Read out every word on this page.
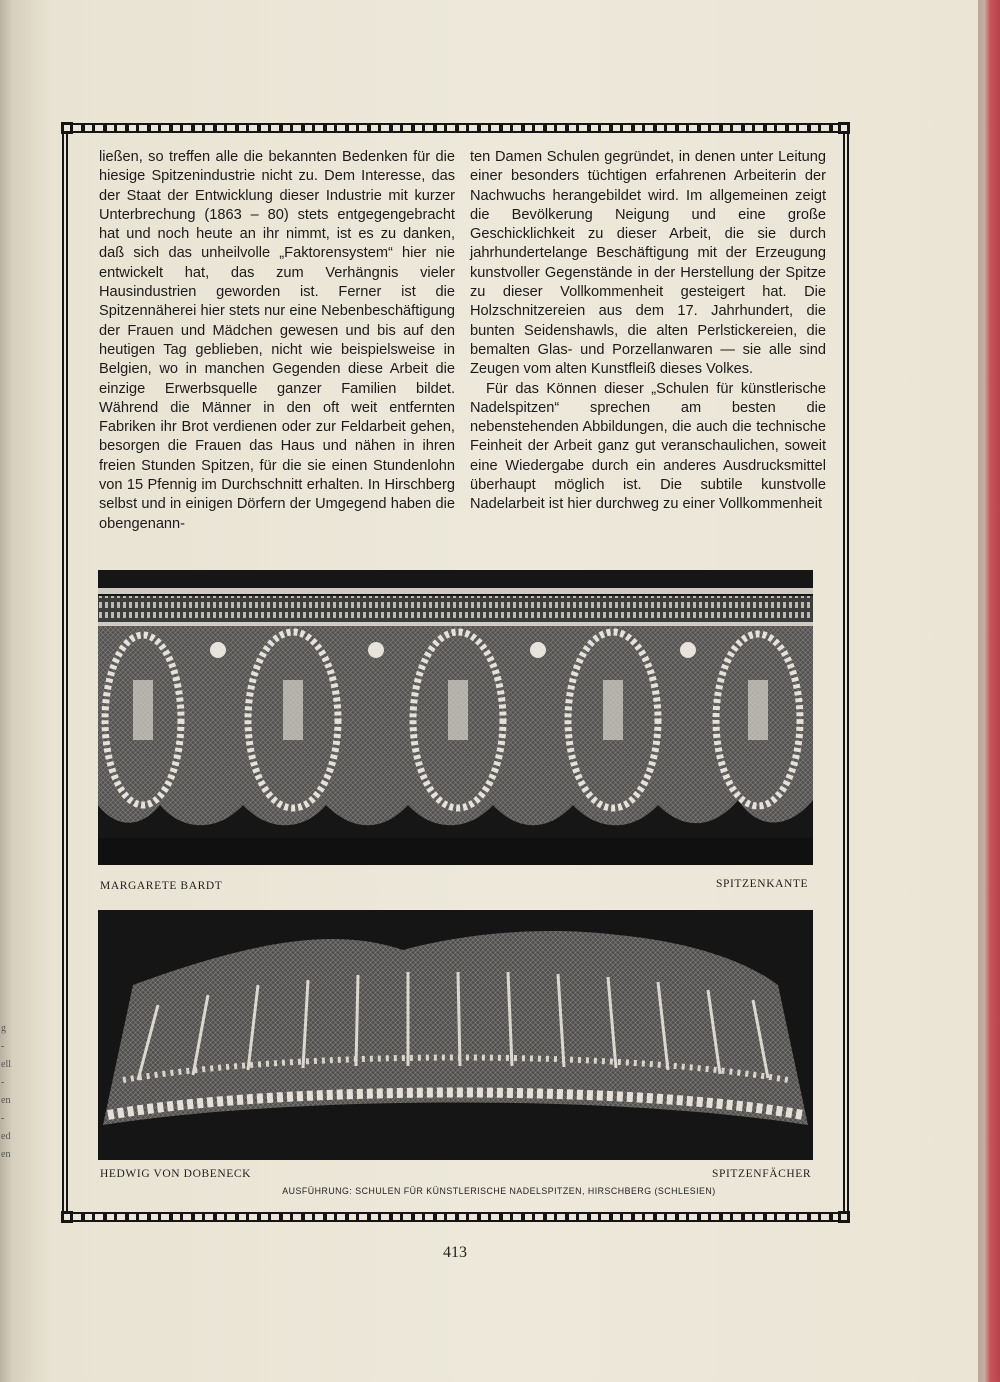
g
-
ell
-
en
-
ed
en

ließen, so treffen alle die bekannten Bedenken für die hiesige Spitzenindustrie nicht zu. Dem Interesse, das der Staat der Entwicklung dieser Industrie mit kurzer Unterbrechung (1863 – 80) stets entgegengebracht hat und noch heute an ihr nimmt, ist es zu danken, daß sich das unheilvolle „Faktorensystem“ hier nie entwickelt hat, das zum Verhängnis vieler Hausindustrien geworden ist. Ferner ist die Spitzennäherei hier stets nur eine Nebenbeschäftigung der Frauen und Mädchen gewesen und bis auf den heutigen Tag geblieben, nicht wie beispielsweise in Belgien, wo in manchen Gegenden diese Arbeit die einzige Erwerbsquelle ganzer Familien bildet. Während die Männer in den oft weit entfernten Fabriken ihr Brot verdienen oder zur Feldarbeit gehen, besorgen die Frauen das Haus und nähen in ihren freien Stunden Spitzen, für die sie einen Stundenlohn von 15 Pfennig im Durchschnitt erhalten. In Hirschberg selbst und in einigen Dörfern der Umgegend haben die obengenann-

ten Damen Schulen gegründet, in denen unter Leitung einer besonders tüchtigen erfahrenen Arbeiterin der Nachwuchs herangebildet wird. Im allgemeinen zeigt die Bevölkerung Neigung und eine große Geschicklichkeit zu dieser Arbeit, die sie durch jahrhundertelange Beschäftigung mit der Erzeugung kunstvoller Gegenstände in der Herstellung der Spitze zu dieser Vollkommenheit gesteigert hat. Die Holzschnitzereien aus dem 17. Jahrhundert, die bunten Seidenshawls, die alten Perlstickereien, die bemalten Glas- und Porzellanwaren — sie alle sind Zeugen vom alten Kunstfleiß dieses Volkes.

Für das Können dieser „Schulen für künstlerische Nadelspitzen“ sprechen am besten die nebenstehenden Abbildungen, die auch die technische Feinheit der Arbeit ganz gut veranschaulichen, soweit eine Wiedergabe durch ein anderes Ausdrucksmittel überhaupt möglich ist. Die subtile kunstvolle Nadelarbeit ist hier durchweg zu einer Vollkommenheit

MARGARETE BARDT	SPITZENKANTE
HEDWIG VON DOBENECK	SPITZENFÄCHER
AUSFÜHRUNG: SCHULEN FÜR KÜNSTLERISCHE NADELSPITZEN, HIRSCHBERG (SCHLESIEN)
413
